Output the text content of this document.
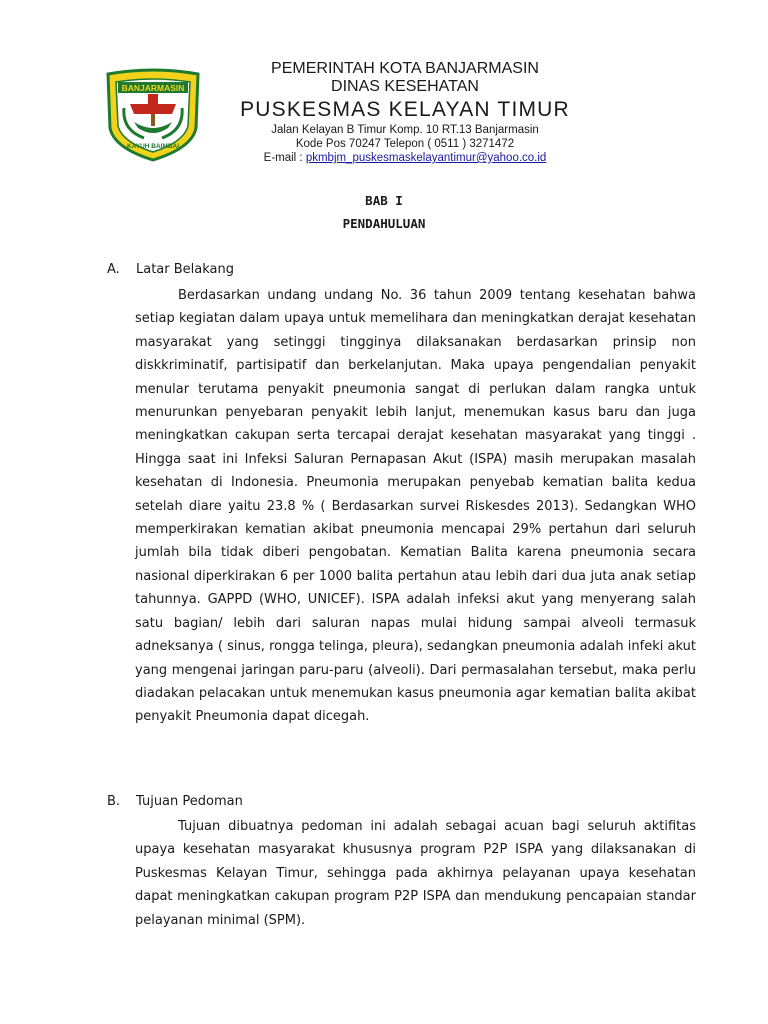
BANJARMASIN
KAYUH BAIMBAI
PEMERINTAH KOTA BANJARMASIN
DINAS KESEHATAN
PUSKESMAS KELAYAN TIMUR
Jalan Kelayan B Timur Komp. 10 RT.13 Banjarmasin
Kode Pos 70247 Telepon ( 0511 ) 3271472
E-mail : pkmbjm_puskesmaskelayantimur@yahoo.co.id
BAB I
PENDAHULUAN
A. Latar Belakang

Berdasarkan undang undang No. 36 tahun 2009 tentang kesehatan bahwa setiap kegiatan dalam upaya untuk memelihara dan meningkatkan derajat kesehatan masyarakat yang setinggi tingginya dilaksanakan berdasarkan prinsip non diskkriminatif, partisipatif dan berkelanjutan. Maka upaya pengendalian penyakit menular terutama penyakit pneumonia sangat di perlukan dalam rangka untuk menurunkan penyebaran penyakit lebih lanjut, menemukan kasus baru dan juga meningkatkan cakupan serta tercapai derajat kesehatan masyarakat yang tinggi . Hingga saat ini Infeksi Saluran Pernapasan Akut (ISPA) masih merupakan masalah kesehatan di Indonesia. Pneumonia merupakan penyebab kematian balita kedua setelah diare yaitu 23.8 % ( Berdasarkan survei Riskesdes 2013). Sedangkan WHO memperkirakan kematian akibat pneumonia mencapai 29% pertahun dari seluruh jumlah bila tidak diberi pengobatan. Kematian Balita karena pneumonia secara nasional diperkirakan 6 per 1000 balita pertahun atau lebih dari dua juta anak setiap tahunnya. GAPPD (WHO, UNICEF). ISPA adalah infeksi akut yang menyerang salah satu bagian/ lebih dari saluran napas mulai hidung sampai alveoli termasuk adneksanya ( sinus, rongga telinga, pleura), sedangkan pneumonia adalah infeki akut yang mengenai jaringan paru-paru (alveoli). Dari permasalahan tersebut, maka perlu diadakan pelacakan untuk menemukan kasus pneumonia agar kematian balita akibat penyakit Pneumonia dapat dicegah.

B. Tujuan Pedoman

Tujuan dibuatnya pedoman ini adalah sebagai acuan bagi seluruh aktifitas upaya kesehatan masyarakat khususnya program P2P ISPA yang dilaksanakan di Puskesmas Kelayan Timur, sehingga pada akhirnya pelayanan upaya kesehatan dapat meningkatkan cakupan program P2P ISPA dan mendukung pencapaian standar pelayanan minimal (SPM).
